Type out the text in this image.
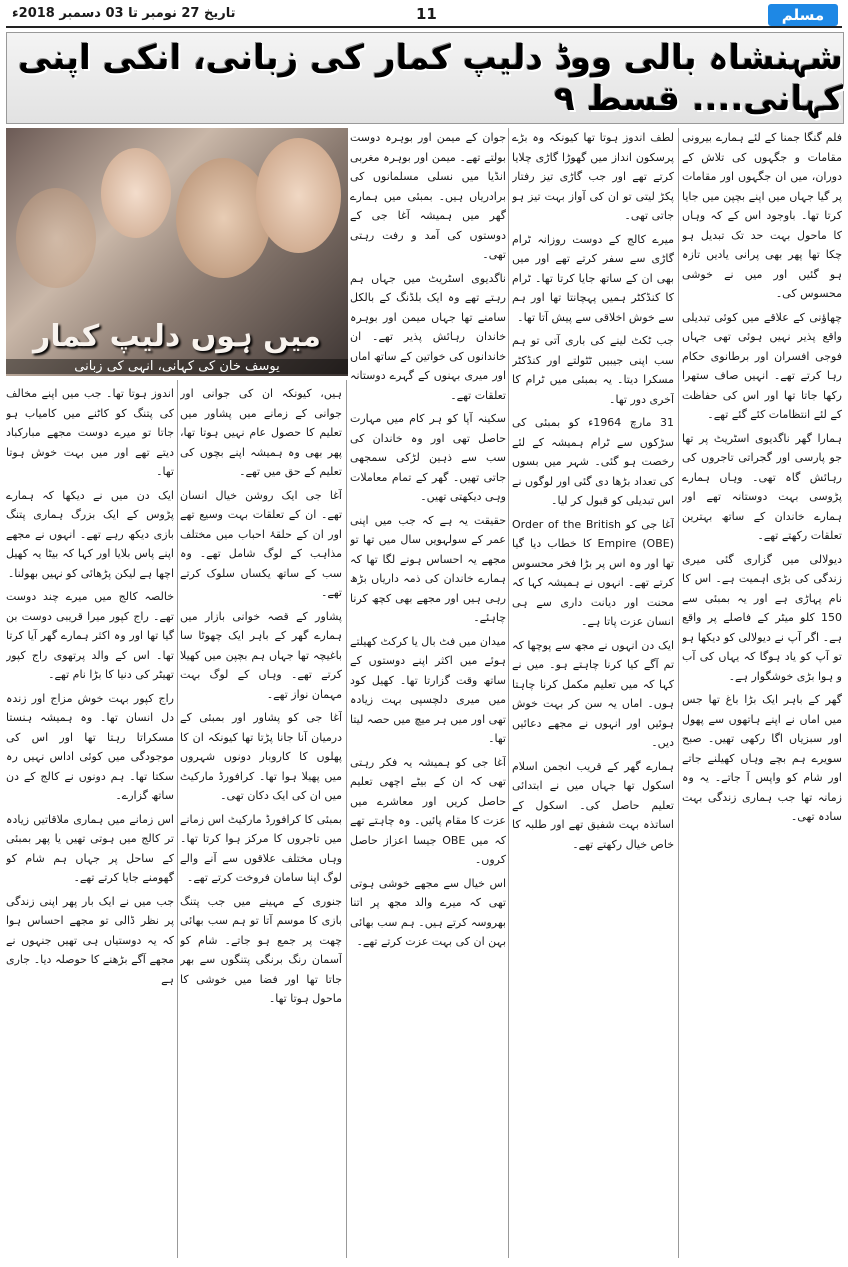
تاریخ 27 نومبر تا 03 دسمبر 2018ء	11	مسلم
شہنشاہ بالی ووڈ دلیپ کمار کی زبانی، انکی اپنی کہانی.... قسط ۹
میں ہوں دلیپ کمار
یوسف خان کی کہانی، انہی کی زبانی

فلم گنگا جمنا کے لئے ہمارے بیرونی مقامات و جگہوں کی تلاش کے دوران، میں ان جگہوں اور مقامات پر گیا جہاں میں اپنے بچپن میں جایا کرتا تھا۔ باوجود اس کے کہ وہاں کا ماحول بہت حد تک تبدیل ہو چکا تھا پھر بھی پرانی یادیں تازہ ہو گئیں اور میں نے خوشی محسوس کی۔

چھاؤنی کے علاقے میں کوئی تبدیلی واقع پذیر نہیں ہوئی تھی جہاں فوجی افسران اور برطانوی حکام رہا کرتے تھے۔ انہیں صاف ستھرا رکھا جاتا تھا اور اس کی حفاظت کے لئے انتظامات کئے گئے تھے۔

ہمارا گھر ناگدیوی اسٹریٹ پر تھا جو پارسی اور گجراتی تاجروں کی رہائش گاہ تھی۔ وہاں ہمارے پڑوسی بہت دوستانہ تھے اور ہمارے خاندان کے ساتھ بہترین تعلقات رکھتے تھے۔

دیولالی میں گزاری گئی میری زندگی کی بڑی اہمیت ہے۔ اس کا نام پہاڑی ہے اور یہ بمبئی سے 150 کلو میٹر کے فاصلے پر واقع ہے۔ اگر آپ نے دیولالی کو دیکھا ہو تو آپ کو یاد ہوگا کہ یہاں کی آب و ہوا بڑی خوشگوار ہے۔

گھر کے باہر ایک بڑا باغ تھا جس میں اماں نے اپنے ہاتھوں سے پھول اور سبزیاں اگا رکھی تھیں۔ صبح سویرے ہم بچے وہاں کھیلنے جاتے اور شام کو واپس آ جاتے۔ یہ وہ زمانہ تھا جب ہماری زندگی بہت سادہ تھی۔

لطف اندوز ہوتا تھا کیونکہ وہ بڑے پرسکون انداز میں گھوڑا گاڑی چلایا کرتے تھے اور جب گاڑی تیز رفتار پکڑ لیتی تو ان کی آواز بہت تیز ہو جاتی تھی۔

میرے کالج کے دوست روزانہ ٹرام گاڑی سے سفر کرتے تھے اور میں بھی ان کے ساتھ جایا کرتا تھا۔ ٹرام کا کنڈکٹر ہمیں پہچانتا تھا اور ہم سے خوش اخلاقی سے پیش آتا تھا۔

جب ٹکٹ لینے کی باری آتی تو ہم سب اپنی جیبیں ٹٹولتے اور کنڈکٹر مسکرا دیتا۔ یہ بمبئی میں ٹرام کا آخری دور تھا۔

31 مارچ 1964ء کو بمبئی کی سڑکوں سے ٹرام ہمیشہ کے لئے رخصت ہو گئی۔ شہر میں بسوں کی تعداد بڑھا دی گئی اور لوگوں نے اس تبدیلی کو قبول کر لیا۔

آغا جی کو Order of the British Empire (OBE) کا خطاب دیا گیا تھا اور وہ اس پر بڑا فخر محسوس کرتے تھے۔ انہوں نے ہمیشہ کہا کہ محنت اور دیانت داری سے ہی انسان عزت پاتا ہے۔

ایک دن انہوں نے مجھ سے پوچھا کہ تم آگے کیا کرنا چاہتے ہو۔ میں نے کہا کہ میں تعلیم مکمل کرنا چاہتا ہوں۔ اماں یہ سن کر بہت خوش ہوئیں اور انہوں نے مجھے دعائیں دیں۔

ہمارے گھر کے قریب انجمن اسلام اسکول تھا جہاں میں نے ابتدائی تعلیم حاصل کی۔ اسکول کے اساتذہ بہت شفیق تھے اور طلبہ کا خاص خیال رکھتے تھے۔

جوان کے میمن اور بوہرہ دوست بولتے تھے۔ میمن اور بوہرہ مغربی انڈیا میں نسلی مسلمانوں کی برادریاں ہیں۔ بمبئی میں ہمارے گھر میں ہمیشہ آغا جی کے دوستوں کی آمد و رفت رہتی تھی۔

ناگدیوی اسٹریٹ میں جہاں ہم رہتے تھے وہ ایک بلڈنگ کے بالکل سامنے تھا جہاں میمن اور بوہرہ خاندان رہائش پذیر تھے۔ ان خاندانوں کی خواتین کے ساتھ اماں اور میری بہنوں کے گہرے دوستانہ تعلقات تھے۔

سکینہ آپا کو ہر کام میں مہارت حاصل تھی اور وہ خاندان کی سب سے ذہین لڑکی سمجھی جاتی تھیں۔ گھر کے تمام معاملات وہی دیکھتی تھیں۔

حقیقت یہ ہے کہ جب میں اپنی عمر کے سولہویں سال میں تھا تو مجھے یہ احساس ہونے لگا تھا کہ ہمارے خاندان کی ذمہ داریاں بڑھ رہی ہیں اور مجھے بھی کچھ کرنا چاہئے۔

میدان میں فٹ بال یا کرکٹ کھیلتے ہوئے میں اکثر اپنے دوستوں کے ساتھ وقت گزارتا تھا۔ کھیل کود میں میری دلچسپی بہت زیادہ تھی اور میں ہر میچ میں حصہ لیتا تھا۔

آغا جی کو ہمیشہ یہ فکر رہتی تھی کہ ان کے بیٹے اچھی تعلیم حاصل کریں اور معاشرے میں عزت کا مقام پائیں۔ وہ چاہتے تھے کہ میں OBE جیسا اعزاز حاصل کروں۔

اس خیال سے مجھے خوشی ہوتی تھی کہ میرے والد مجھ پر اتنا بھروسہ کرتے ہیں۔ ہم سب بھائی بہن ان کی بہت عزت کرتے تھے۔

ہیں، کیونکہ ان کی جوانی اور جوانی کے زمانے میں پشاور میں تعلیم کا حصول عام نہیں ہوتا تھا، پھر بھی وہ ہمیشہ اپنے بچوں کی تعلیم کے حق میں تھے۔

آغا جی ایک روشن خیال انسان تھے۔ ان کے تعلقات بہت وسیع تھے اور ان کے حلقۂ احباب میں مختلف مذاہب کے لوگ شامل تھے۔ وہ سب کے ساتھ یکساں سلوک کرتے تھے۔

پشاور کے قصہ خوانی بازار میں ہمارے گھر کے باہر ایک چھوٹا سا باغیچہ تھا جہاں ہم بچپن میں کھیلا کرتے تھے۔ وہاں کے لوگ بہت مہمان نواز تھے۔

آغا جی کو پشاور اور بمبئی کے درمیان آنا جانا پڑتا تھا کیونکہ ان کا پھلوں کا کاروبار دونوں شہروں میں پھیلا ہوا تھا۔ کرافورڈ مارکیٹ میں ان کی ایک دکان تھی۔

بمبئی کا کرافورڈ مارکیٹ اس زمانے میں تاجروں کا مرکز ہوا کرتا تھا۔ وہاں مختلف علاقوں سے آنے والے لوگ اپنا سامان فروخت کرتے تھے۔

جنوری کے مہینے میں جب پتنگ بازی کا موسم آتا تو ہم سب بھائی چھت پر جمع ہو جاتے۔ شام کو آسمان رنگ برنگی پتنگوں سے بھر جاتا تھا اور فضا میں خوشی کا ماحول ہوتا تھا۔

اندوز ہوتا تھا۔ جب میں اپنے مخالف کی پتنگ کو کاٹنے میں کامیاب ہو جاتا تو میرے دوست مجھے مبارکباد دیتے تھے اور میں بہت خوش ہوتا تھا۔

ایک دن میں نے دیکھا کہ ہمارے پڑوس کے ایک بزرگ ہماری پتنگ بازی دیکھ رہے تھے۔ انہوں نے مجھے اپنے پاس بلایا اور کہا کہ بیٹا یہ کھیل اچھا ہے لیکن پڑھائی کو نہیں بھولنا۔

خالصہ کالج میں میرے چند دوست تھے۔ راج کپور میرا قریبی دوست بن گیا تھا اور وہ اکثر ہمارے گھر آیا کرتا تھا۔ اس کے والد پرتھوی راج کپور تھیٹر کی دنیا کا بڑا نام تھے۔

راج کپور بہت خوش مزاج اور زندہ دل انسان تھا۔ وہ ہمیشہ ہنستا مسکراتا رہتا تھا اور اس کی موجودگی میں کوئی اداس نہیں رہ سکتا تھا۔ ہم دونوں نے کالج کے دن ساتھ گزارے۔

اس زمانے میں ہماری ملاقاتیں زیادہ تر کالج میں ہوتی تھیں یا پھر بمبئی کے ساحل پر جہاں ہم شام کو گھومنے جایا کرتے تھے۔

جب میں نے ایک بار پھر اپنی زندگی پر نظر ڈالی تو مجھے احساس ہوا کہ یہ دوستیاں ہی تھیں جنہوں نے مجھے آگے بڑھنے کا حوصلہ دیا۔ جاری ہے
